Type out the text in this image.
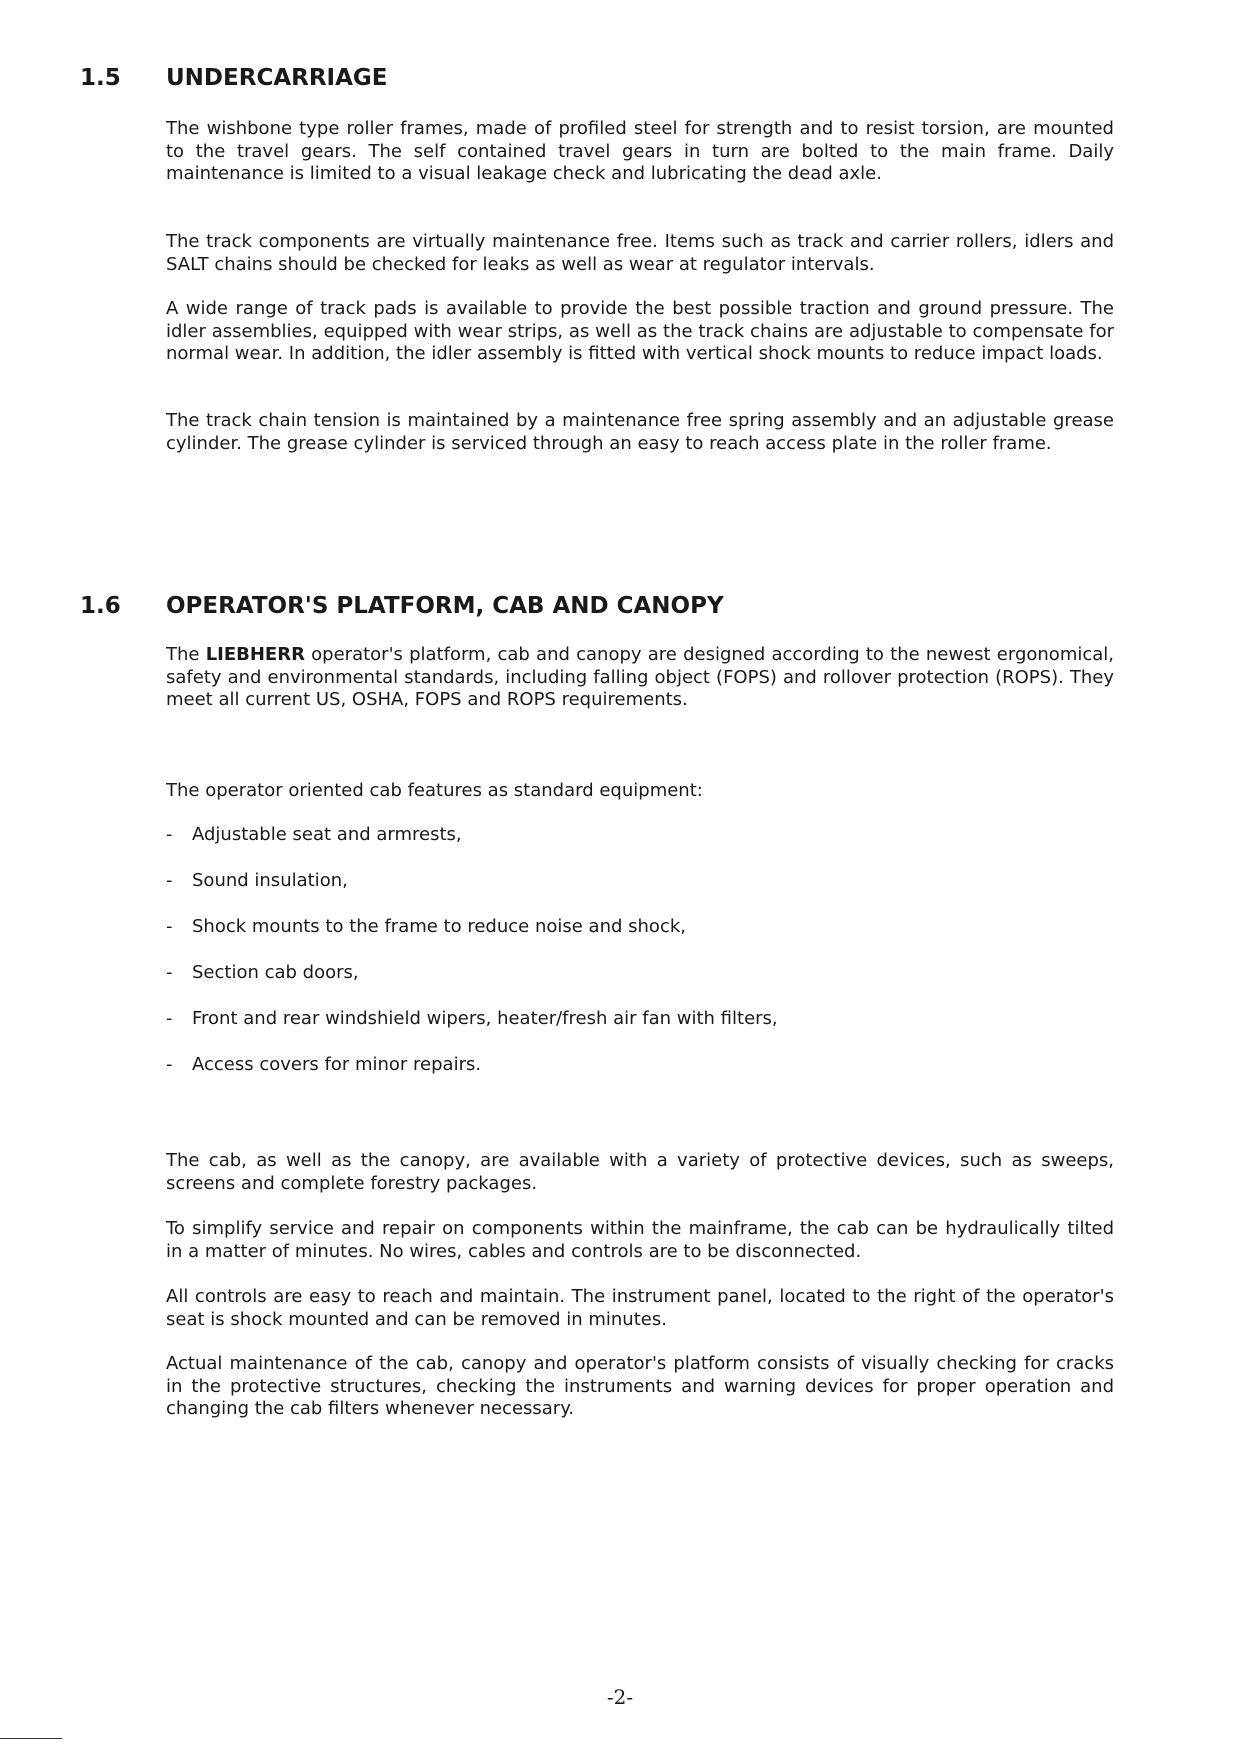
1.5 UNDERCARRIAGE

The wishbone type roller frames, made of profiled steel for strength and to resist torsion, are mounted to the travel gears. The self contained travel gears in turn are bolted to the main frame. Daily maintenance is limited to a visual leakage check and lubricating the dead axle.

The track components are virtually maintenance free. Items such as track and carrier rollers, idlers and SALT chains should be checked for leaks as well as wear at regulator intervals.

A wide range of track pads is available to provide the best possible traction and ground pressure. The idler assemblies, equipped with wear strips, as well as the track chains are adjustable to compensate for normal wear. In addition, the idler assembly is fitted with vertical shock mounts to reduce impact loads.

The track chain tension is maintained by a maintenance free spring assembly and an adjustable grease cylinder. The grease cylinder is serviced through an easy to reach access plate in the roller frame.

1.6 OPERATOR'S PLATFORM, CAB AND CANOPY

The LIEBHERR operator's platform, cab and canopy are designed according to the newest ergonomical, safety and environmental standards, including falling object (FOPS) and rollover protection (ROPS). They meet all current US, OSHA, FOPS and ROPS requirements.

The operator oriented cab features as standard equipment:

- Adjustable seat and armrests,
- Sound insulation,
- Shock mounts to the frame to reduce noise and shock,
- Section cab doors,
- Front and rear windshield wipers, heater/fresh air fan with filters,
- Access covers for minor repairs.

The cab, as well as the canopy, are available with a variety of protective devices, such as sweeps, screens and complete forestry packages.

To simplify service and repair on components within the mainframe, the cab can be hydraulically tilted in a matter of minutes. No wires, cables and controls are to be disconnected.

All controls are easy to reach and maintain. The instrument panel, located to the right of the operator's seat is shock mounted and can be removed in minutes.

Actual maintenance of the cab, canopy and operator's platform consists of visually checking for cracks in the protective structures, checking the instruments and warning devices for proper operation and changing the cab filters whenever necessary.

-2-
